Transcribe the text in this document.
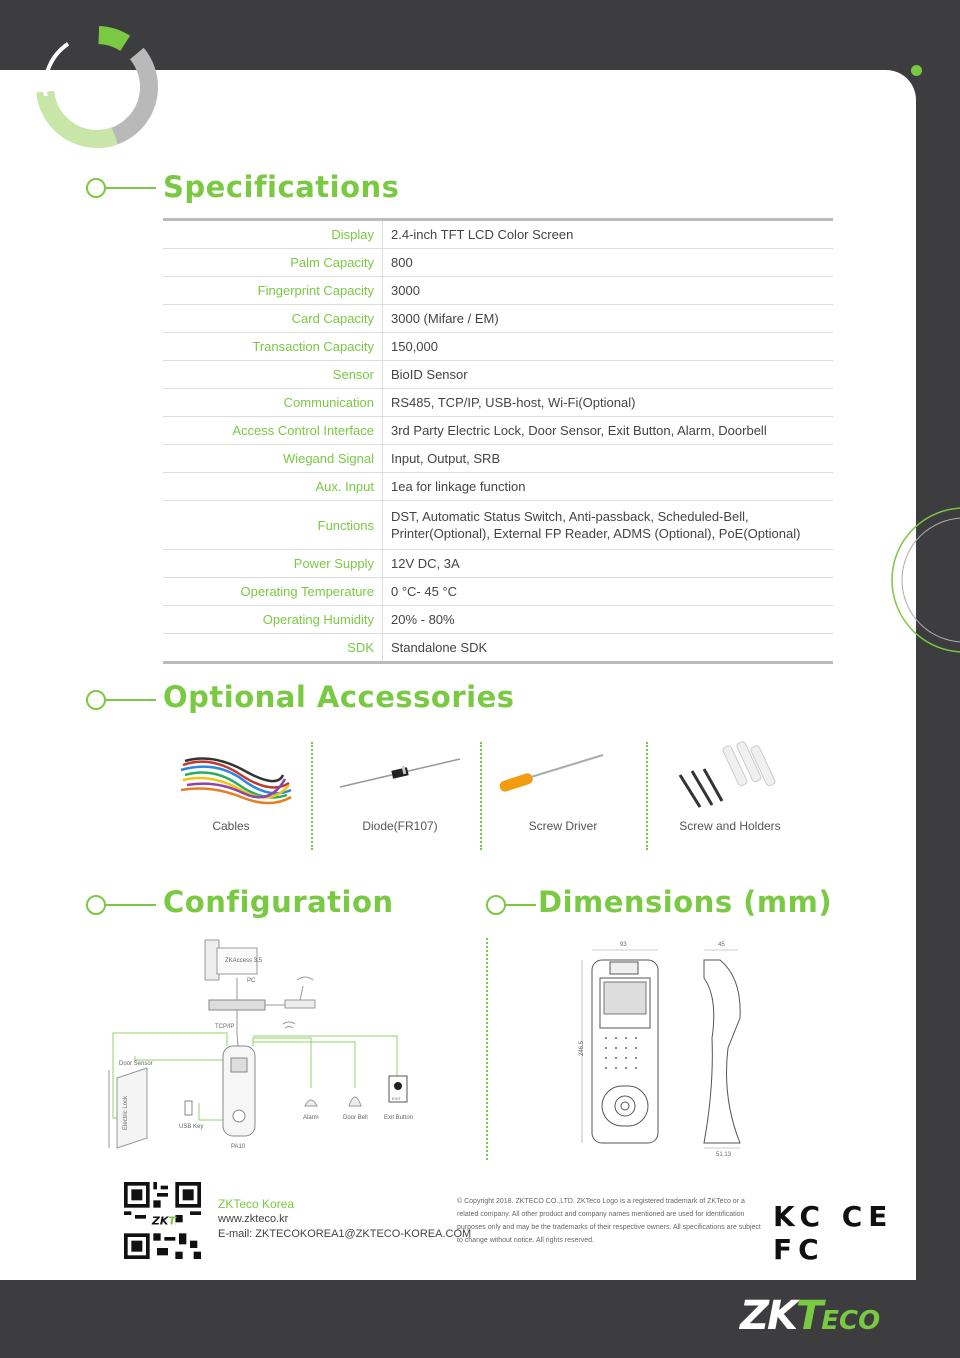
Specifications
Display	2.4-inch TFT LCD Color Screen
Palm Capacity	800
Fingerprint Capacity	3000
Card Capacity	3000 (Mifare / EM)
Transaction Capacity	150,000
Sensor	BioID Sensor
Communication	RS485, TCP/IP, USB-host, Wi-Fi(Optional)
Access Control Interface	3rd Party Electric Lock, Door Sensor, Exit Button, Alarm, Doorbell
Wiegand Signal	Input, Output, SRB
Aux. Input	1ea for linkage function
Functions	DST, Automatic Status Switch, Anti-passback, Scheduled-Bell, Printer(Optional), External FP Reader, ADMS (Optional), PoE(Optional)
Power Supply	12V DC, 3A
Operating Temperature	0 °C- 45 °C
Operating Humidity	20% - 80%
SDK	Standalone SDK
Optional Accessories
Cables	Diode(FR107)	Screw Driver	Screw and Holders
Configuration
ZKAccess 3.5
PC
TCP/IP
Door Sensor
Electric Lock	USB Key
PA10
Alarm	Door Bell
EXIT
Exit Button
Dimensions (mm)
93
246.5
45
51.13
ZKT
ZKTeco Korea
www.zkteco.kr
E-mail: ZKTECOKOREA1@ZKTECO-KOREA.COM
© Copyright 2018. ZKTECO CO.,LTD. ZKTeco Logo is a registered trademark of ZKTeco or a related company. All other product and company names mentioned are used for identification purposes only and may be the trademarks of their respective owners. All specifications are subject to change without notice. All rights reserved.
KC CE FC
ZKTECO
